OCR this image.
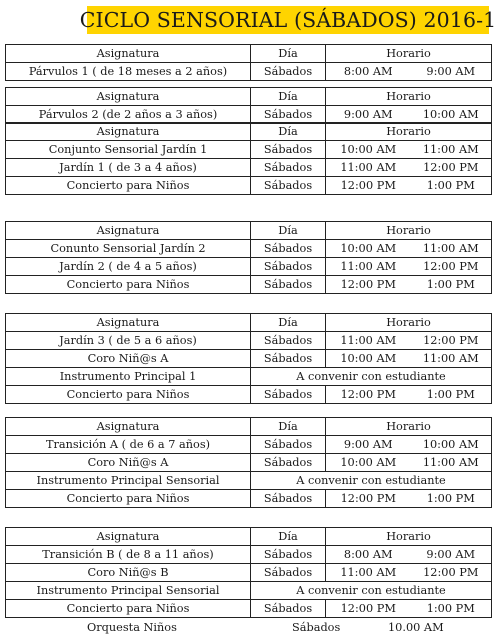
CICLO SENSORIAL (SÁBADOS) 2016-1
Asignatura	Día	Horario	
Párvulos 1 ( de 18 meses a 2 años)	Sábados	8:00 AM	9:00 AM
Asignatura	Día	Horario	
Párvulos 2 (de 2 años a 3 años)	Sábados	9:00 AM	10:00 AM
Asignatura	Día	Horario	
Conjunto Sensorial Jardín 1	Sábados	10:00 AM	11:00 AM
Jardín 1 ( de 3 a 4 años)	Sábados	11:00 AM	12:00 PM
Concierto para Niños	Sábados	12:00 PM	1:00 PM
Asignatura	Día	Horario	
Conunto Sensorial Jardín 2	Sábados	10:00 AM	11:00 AM
Jardín 2 ( de 4 a 5 años)	Sábados	11:00 AM	12:00 PM
Concierto para Niños	Sábados	12:00 PM	1:00 PM
Asignatura	Día	Horario	
Jardín 3 ( de 5 a 6 años)	Sábados	11:00 AM	12:00 PM
Coro Niñ@s A	Sábados	10:00 AM	11:00 AM
Instrumento Principal 1	A convenir con estudiante		
Concierto para Niños	Sábados	12:00 PM	1:00 PM
Asignatura	Día	Horario	
Transición A ( de 6 a 7 años)	Sábados	9:00 AM	10:00 AM
Coro Niñ@s A	Sábados	10:00 AM	11:00 AM
Instrumento Principal Sensorial	A convenir con estudiante		
Concierto para Niños	Sábados	12:00 PM	1:00 PM
Asignatura	Día	Horario	
Transición B ( de 8 a 11 años)	Sábados	8:00 AM	9:00 AM
Coro Niñ@s B	Sábados	11:00 AM	12:00 PM
Instrumento Principal Sensorial	A convenir con estudiante		
Concierto para Niños	Sábados	12:00 PM	1:00 PM
Orquesta Niños	Sábados	10.00 AM
